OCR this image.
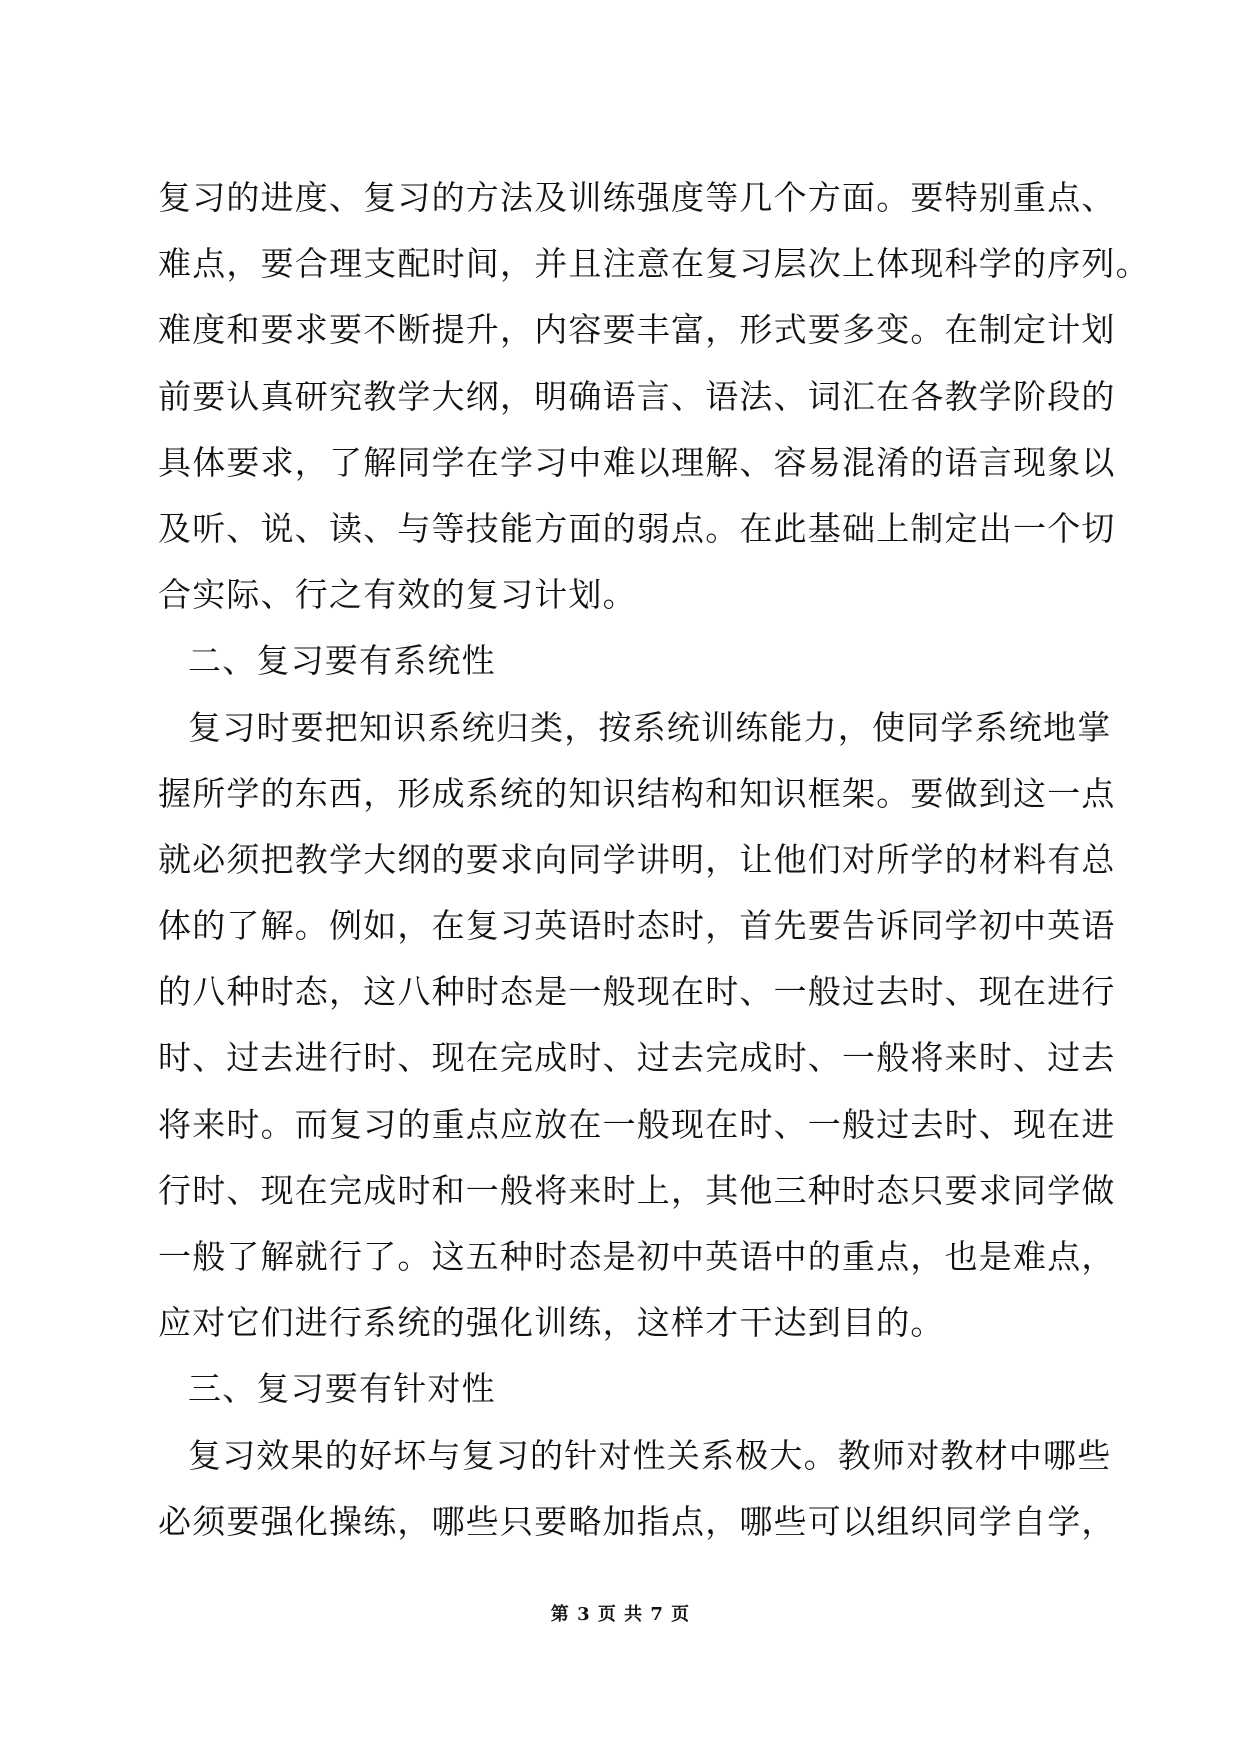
复习的进度、复习的方法及训练强度等几个方面。要特别重点、
难点，要合理支配时间，并且注意在复习层次上体现科学的序列。
难度和要求要不断提升，内容要丰富，形式要多变。在制定计划
前要认真研究教学大纲，明确语言、语法、词汇在各教学阶段的
具体要求，了解同学在学习中难以理解、容易混淆的语言现象以
及听、说、读、与等技能方面的弱点。在此基础上制定出一个切
合实际、行之有效的复习计划。
二、复习要有系统性
复习时要把知识系统归类，按系统训练能力，使同学系统地掌
握所学的东西，形成系统的知识结构和知识框架。要做到这一点
就必须把教学大纲的要求向同学讲明，让他们对所学的材料有总
体的了解。例如，在复习英语时态时，首先要告诉同学初中英语
的八种时态，这八种时态是一般现在时、一般过去时、现在进行
时、过去进行时、现在完成时、过去完成时、一般将来时、过去
将来时。而复习的重点应放在一般现在时、一般过去时、现在进
行时、现在完成时和一般将来时上，其他三种时态只要求同学做
一般了解就行了。这五种时态是初中英语中的重点，也是难点，
应对它们进行系统的强化训练，这样才干达到目的。
三、复习要有针对性
复习效果的好坏与复习的针对性关系极大。教师对教材中哪些
必须要强化操练，哪些只要略加指点，哪些可以组织同学自学，
第 3 页 共 7 页
